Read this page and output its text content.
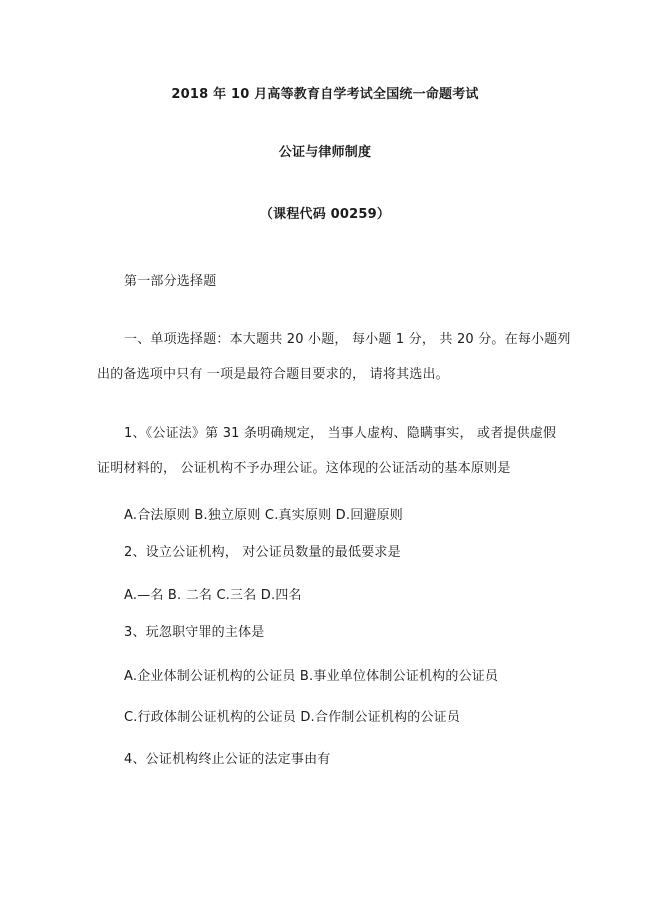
2018 年 10 月高等教育自学考试全国统一命题考试
公证与律师制度
（课程代码 00259）
第一部分选择题
一、单项选择题：本大题共 20 小题， 每小题 1 分， 共 20 分。在每小题列
出的备选项中只有 一项是最符合题目要求的， 请将其选出。
1、《公证法》第 31 条明确规定， 当事人虚构、隐瞒事实， 或者提供虚假
证明材料的， 公证机构不予办理公证。这体现的公证活动的基本原则是
A.合法原则 B.独立原则 C.真实原则 D.回避原则
2、设立公证机构， 对公证员数量的最低要求是
A.—名 B. 二名 C.三名 D.四名
3、玩忽职守罪的主体是
A.企业体制公证机构的公证员 B.事业单位体制公证机构的公证员
C.行政体制公证机构的公证员 D.合作制公证机构的公证员
4、公证机构终止公证的法定事由有
